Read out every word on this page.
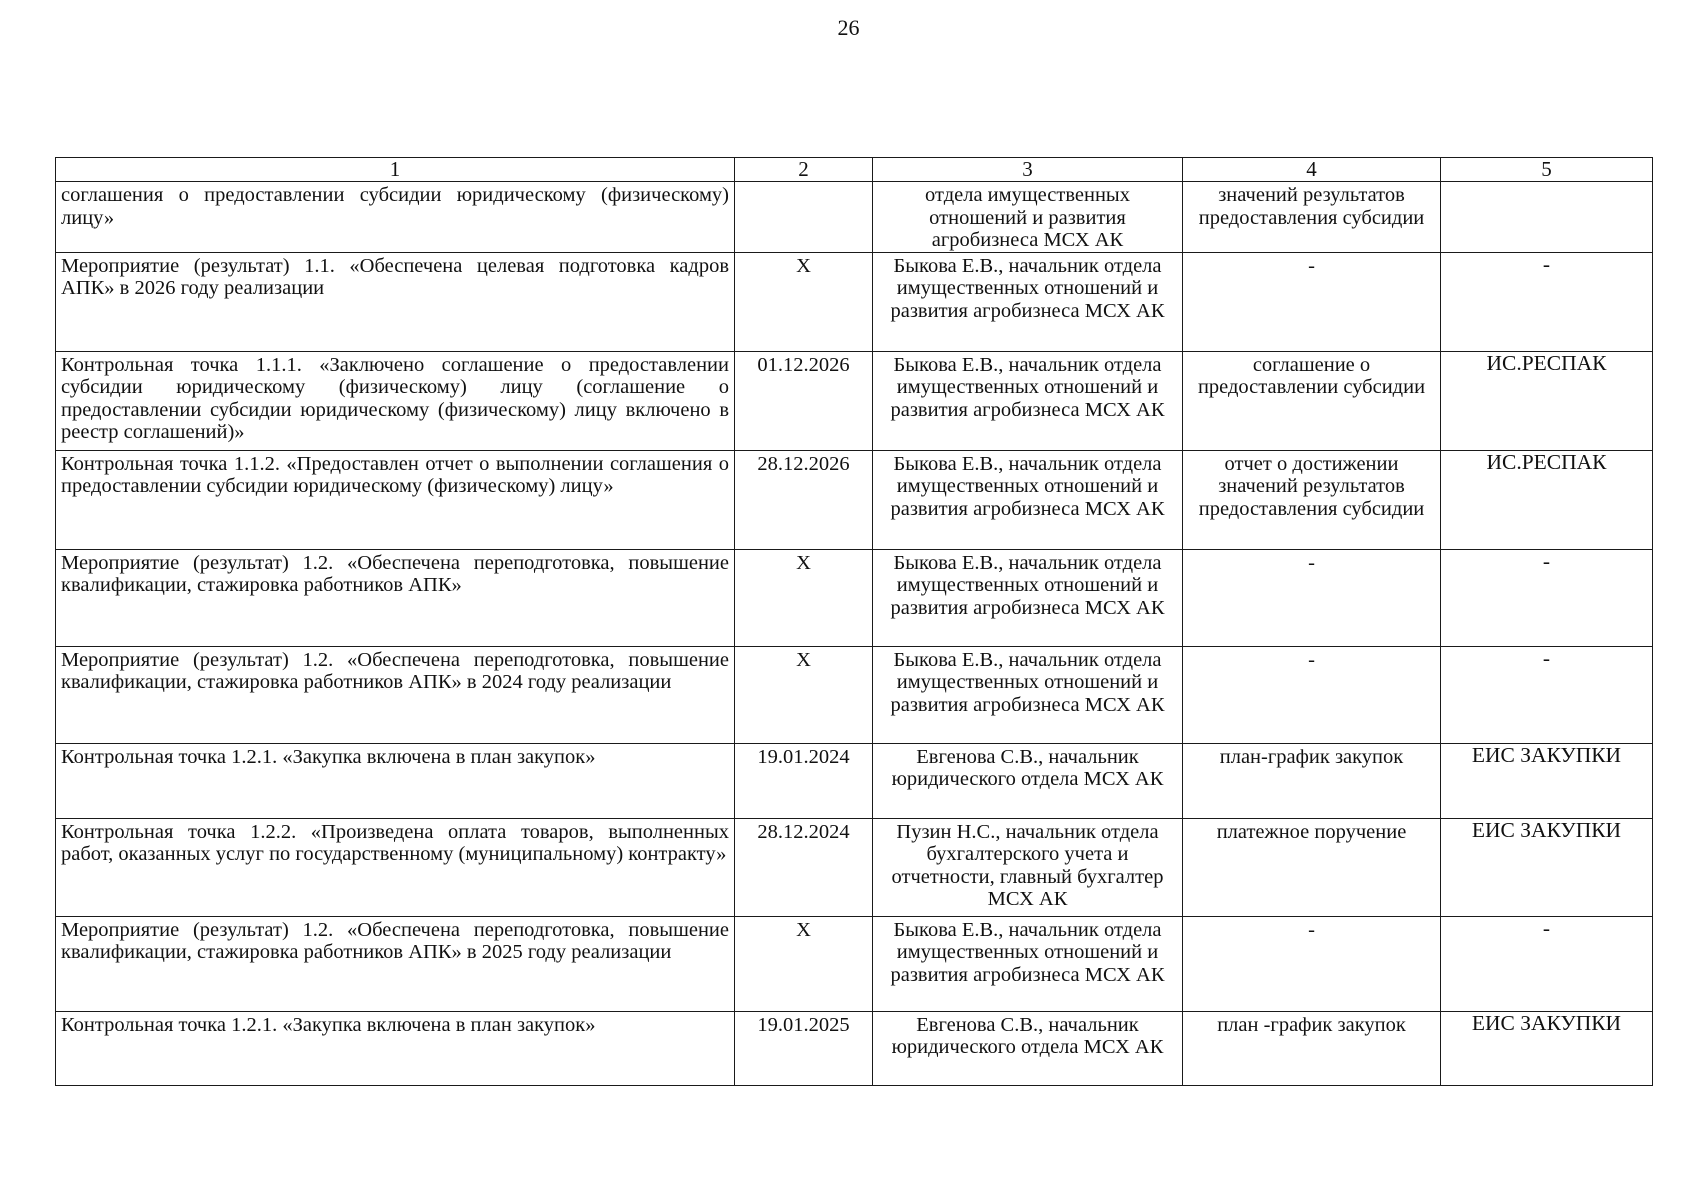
26
1	2	3	4	5
соглашения о предоставлении субсидии юридическому (физическому) лицу»		отдела имущественных отношений и развития агробизнеса МСХ АК	значений результатов предоставления субсидии	
Мероприятие (результат) 1.1. «Обеспечена целевая подготовка кадров АПК» в 2026 году реализации	X	Быкова Е.В., начальник отдела имущественных отношений и развития агробизнеса МСХ АК	-	-
Контрольная точка 1.1.1. «Заключено соглашение о предоставлении субсидии юридическому (физическому) лицу (соглашение о предоставлении субсидии юридическому (физическому) лицу включено в реестр соглашений)»	01.12.2026	Быкова Е.В., начальник отдела имущественных отношений и развития агробизнеса МСХ АК	соглашение о предоставлении субсидии	ИС.РЕСПАК
Контрольная точка 1.1.2. «Предоставлен отчет о выполнении соглашения о предоставлении субсидии юридическому (физическому) лицу»	28.12.2026	Быкова Е.В., начальник отдела имущественных отношений и развития агробизнеса МСХ АК	отчет о достижении значений результатов предоставления субсидии	ИС.РЕСПАК
Мероприятие (результат) 1.2. «Обеспечена переподготовка, повышение квалификации, стажировка работников АПК»	X	Быкова Е.В., начальник отдела имущественных отношений и развития агробизнеса МСХ АК	-	-
Мероприятие (результат) 1.2. «Обеспечена переподготовка, повышение квалификации, стажировка работников АПК» в 2024 году реализации	X	Быкова Е.В., начальник отдела имущественных отношений и развития агробизнеса МСХ АК	-	-
Контрольная точка 1.2.1. «Закупка включена в план закупок»	19.01.2024	Евгенова С.В., начальник юридического отдела МСХ АК	план-график закупок	ЕИС ЗАКУПКИ
Контрольная точка 1.2.2. «Произведена оплата товаров, выполненных работ, оказанных услуг по государственному (муниципальному) контракту»	28.12.2024	Пузин Н.С., начальник отдела бухгалтерского учета и отчетности, главный бухгалтер МСХ АК	платежное поручение	ЕИС ЗАКУПКИ
Мероприятие (результат) 1.2. «Обеспечена переподготовка, повышение квалификации, стажировка работников АПК» в 2025 году реализации	X	Быкова Е.В., начальник отдела имущественных отношений и развития агробизнеса МСХ АК	-	-
Контрольная точка 1.2.1. «Закупка включена в план закупок»	19.01.2025	Евгенова С.В., начальник юридического отдела МСХ АК	план -график закупок	ЕИС ЗАКУПКИ
